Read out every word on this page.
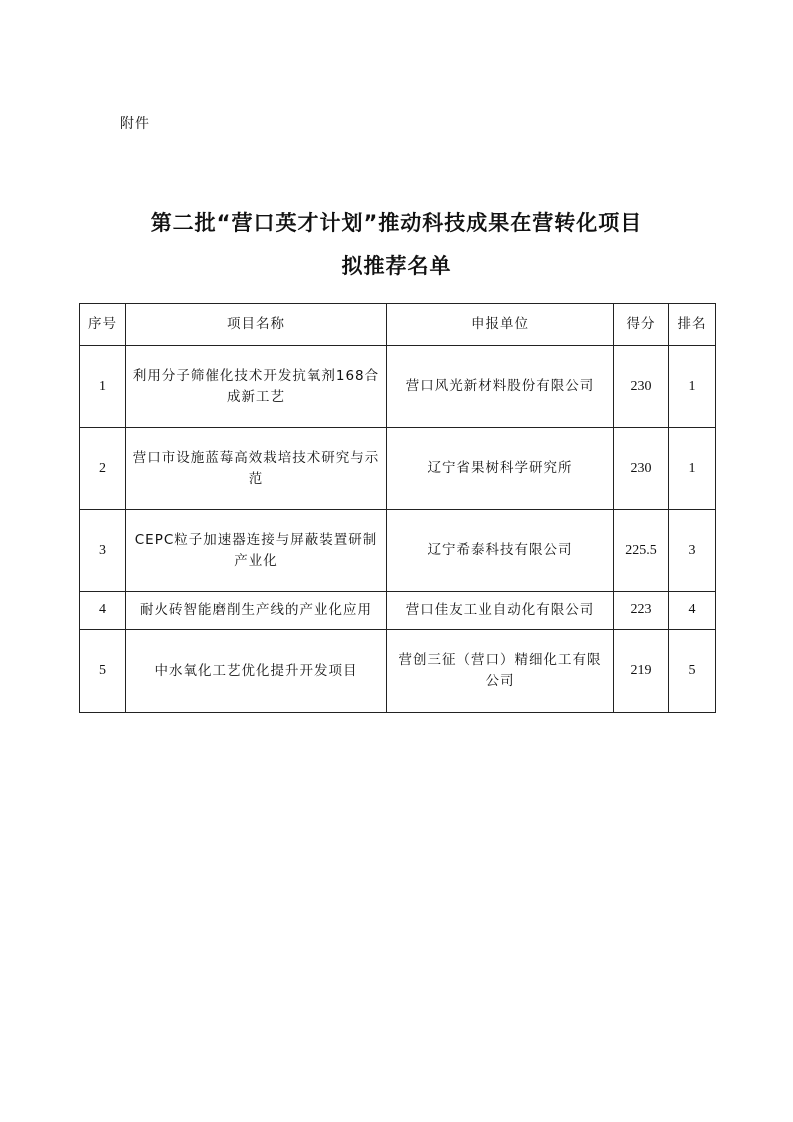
附件
第二批“营口英才计划”推动科技成果在营转化项目
拟推荐名单
序号	项目名称	申报单位	得分	排名
1	利用分子筛催化技术开发抗氧剂168合成新工艺	营口风光新材料股份有限公司	230	1
2	营口市设施蓝莓高效栽培技术研究与示范	辽宁省果树科学研究所	230	1
3	CEPC粒子加速器连接与屏蔽装置研制产业化	辽宁希泰科技有限公司	225.5	3
4	耐火砖智能磨削生产线的产业化应用	营口佳友工业自动化有限公司	223	4
5	中水氧化工艺优化提升开发项目	营创三征（营口）精细化工有限公司	219	5
